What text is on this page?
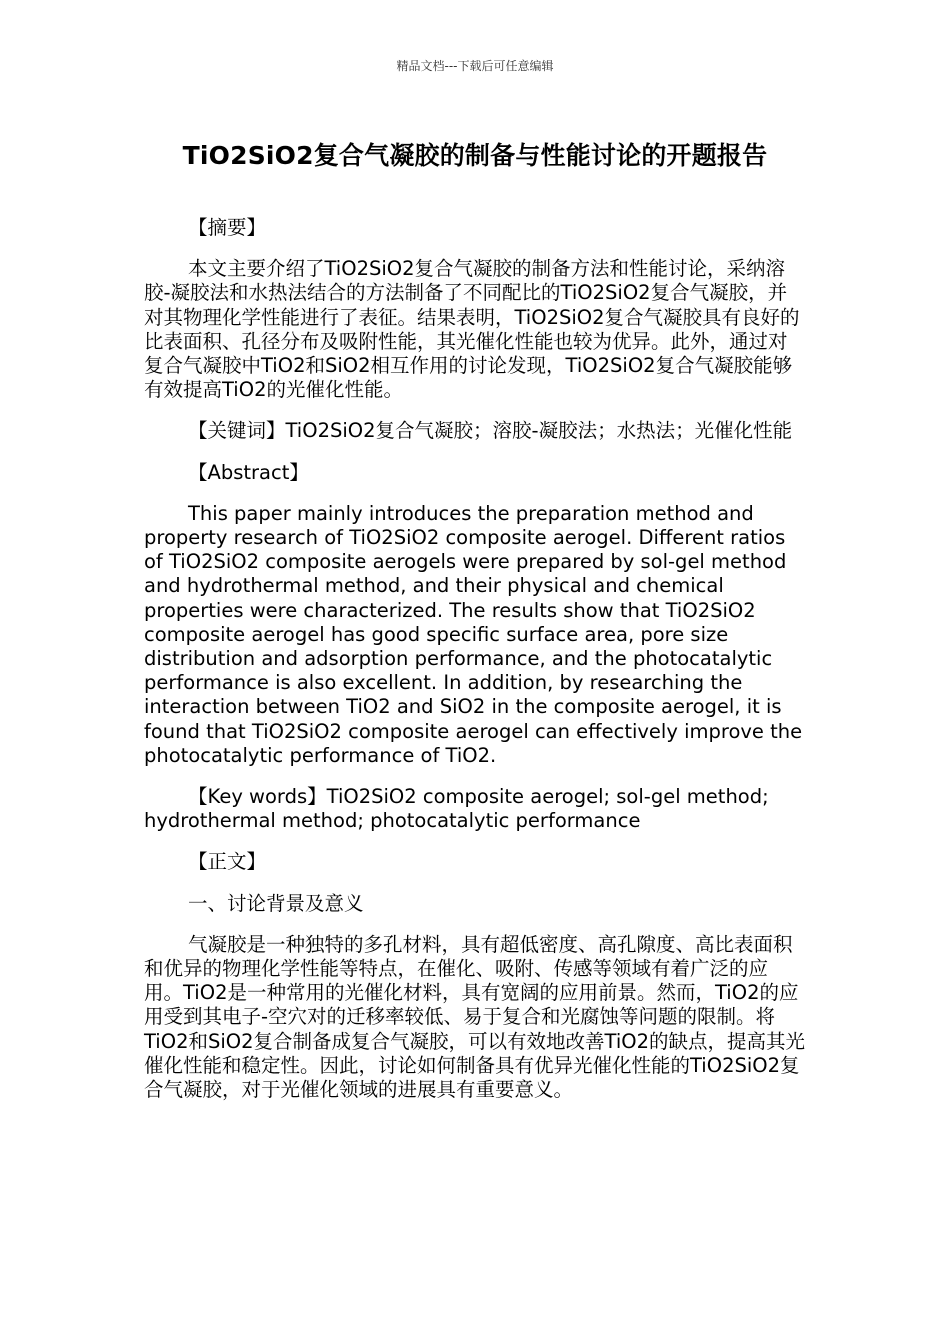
精品文档---下载后可任意编辑
TiO2SiO2复合气凝胶的制备与性能讨论的开题报告

【摘要】

本文主要介绍了TiO2SiO2复合气凝胶的制备方法和性能讨论，采纳溶胶-凝胶法和水热法结合的方法制备了不同配比的TiO2SiO2复合气凝胶，并对其物理化学性能进行了表征。结果表明，TiO2SiO2复合气凝胶具有良好的比表面积、孔径分布及吸附性能，其光催化性能也较为优异。此外，通过对复合气凝胶中TiO2和SiO2相互作用的讨论发现，TiO2SiO2复合气凝胶能够有效提高TiO2的光催化性能。

【关键词】TiO2SiO2复合气凝胶；溶胶-凝胶法；水热法；光催化性能

【Abstract】

This paper mainly introduces the preparation method and property research of TiO2SiO2 composite aerogel. Different ratios of TiO2SiO2 composite aerogels were prepared by sol-gel method and hydrothermal method, and their physical and chemical properties were characterized. The results show that TiO2SiO2 composite aerogel has good specific surface area, pore size distribution and adsorption performance, and the photocatalytic performance is also excellent. In addition, by researching the interaction between TiO2 and SiO2 in the composite aerogel, it is found that TiO2SiO2 composite aerogel can effectively improve the photocatalytic performance of TiO2.

【Key words】TiO2SiO2 composite aerogel; sol-gel method; hydrothermal method; photocatalytic performance

【正文】

一、讨论背景及意义

气凝胶是一种独特的多孔材料，具有超低密度、高孔隙度、高比表面积和优异的物理化学性能等特点，在催化、吸附、传感等领域有着广泛的应用。TiO2是一种常用的光催化材料，具有宽阔的应用前景。然而，TiO2的应用受到其电子-空穴对的迁移率较低、易于复合和光腐蚀等问题的限制。将TiO2和SiO2复合制备成复合气凝胶，可以有效地改善TiO2的缺点，提高其光催化性能和稳定性。因此，讨论如何制备具有优异光催化性能的TiO2SiO2复合气凝胶，对于光催化领域的进展具有重要意义。
